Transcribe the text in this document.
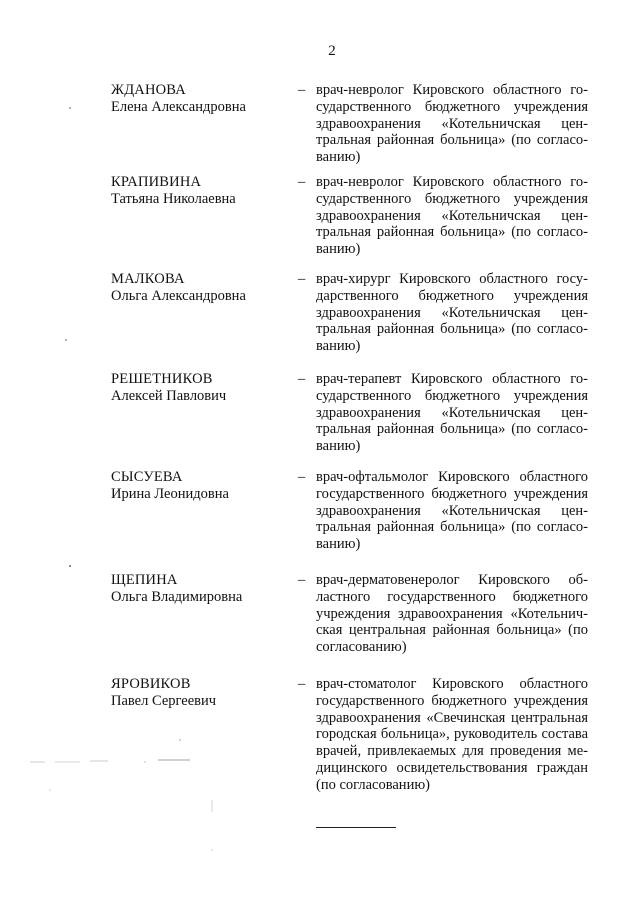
2
ЖДАНОВА
Елена Александровна
– врач-невролог Кировского областного государственного бюджетного учреждения здравоохранения «Котельничская центральная районная больница» (по согласованию)
КРАПИВИНА
Татьяна Николаевна
– врач-невролог Кировского областного государственного бюджетного учреждения здравоохранения «Котельничская центральная районная больница» (по согласованию)
МАЛКОВА
Ольга Александровна
– врач-хирург Кировского областного государственного бюджетного учреждения здравоохранения «Котельничская центральная районная больница» (по согласованию)
РЕШЕТНИКОВ
Алексей Павлович
– врач-терапевт Кировского областного государственного бюджетного учреждения здравоохранения «Котельничская центральная районная больница» (по согласованию)
СЫСУЕВА
Ирина Леонидовна
– врач-офтальмолог Кировского областного государственного бюджетного учреждения здравоохранения «Котельничская центральная районная больница» (по согласованию)
ЩЕПИНА
Ольга Владимировна
– врач-дерматовенеролог Кировского областного государственного бюджетного учреждения здравоохранения «Котельничская центральная районная больница» (по согласованию)
ЯРОВИКОВ
Павел Сергеевич
– врач-стоматолог Кировского областного государственного бюджетного учреждения здравоохранения «Свечинская центральная городская больница», руководитель состава врачей, привлекаемых для проведения медицинского освидетельствования граждан (по согласованию)
